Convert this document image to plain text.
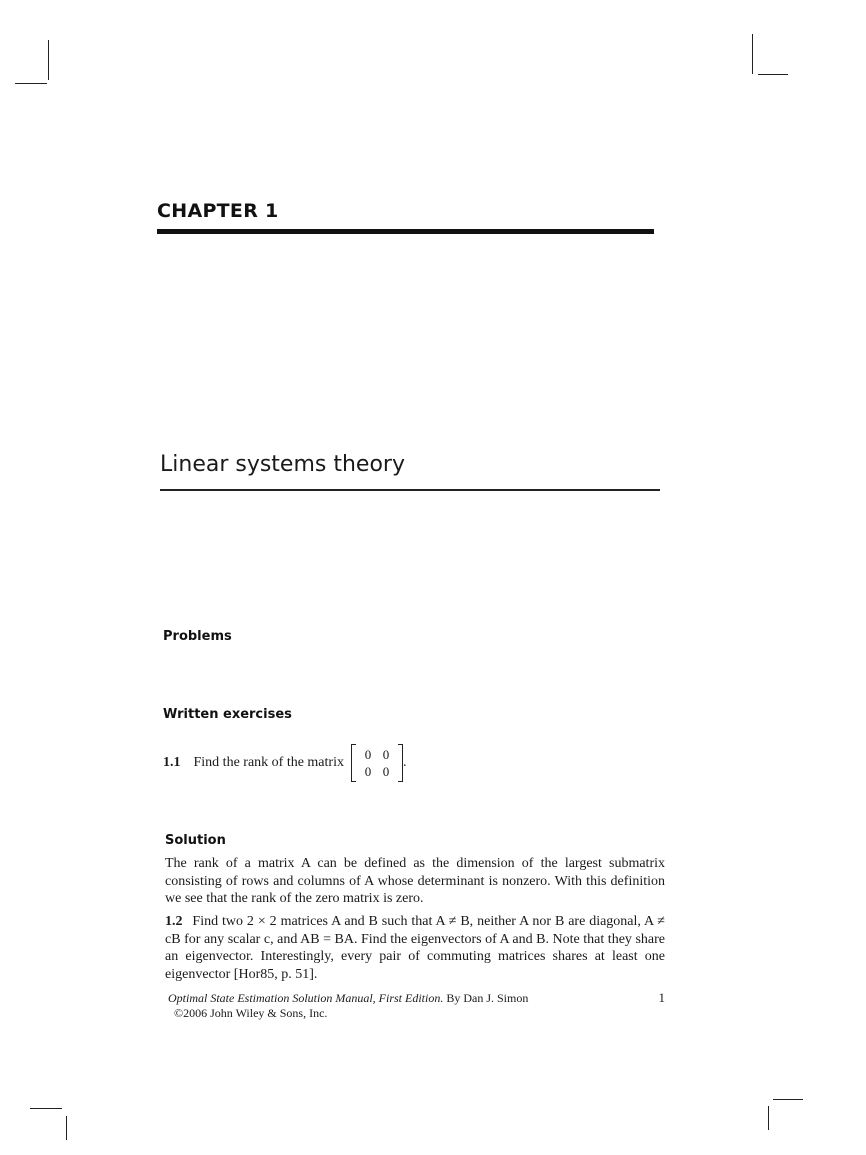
CHAPTER 1
Linear systems theory
Problems
Written exercises
1.1 Find the rank of the matrix
0 0
0 0
.
Solution
The rank of a matrix A can be defined as the dimension of the largest submatrix consisting of rows and columns of A whose determinant is nonzero. With this definition we see that the rank of the zero matrix is zero.
1.2 Find two 2 × 2 matrices A and B such that A ≠ B, neither A nor B are diagonal, A ≠ cB for any scalar c, and AB = BA. Find the eigenvectors of A and B. Note that they share an eigenvector. Interestingly, every pair of commuting matrices shares at least one eigenvector [Hor85, p. 51].
Optimal State Estimation Solution Manual, First Edition. By Dan J. Simon	1
©2006 John Wiley & Sons, Inc.
